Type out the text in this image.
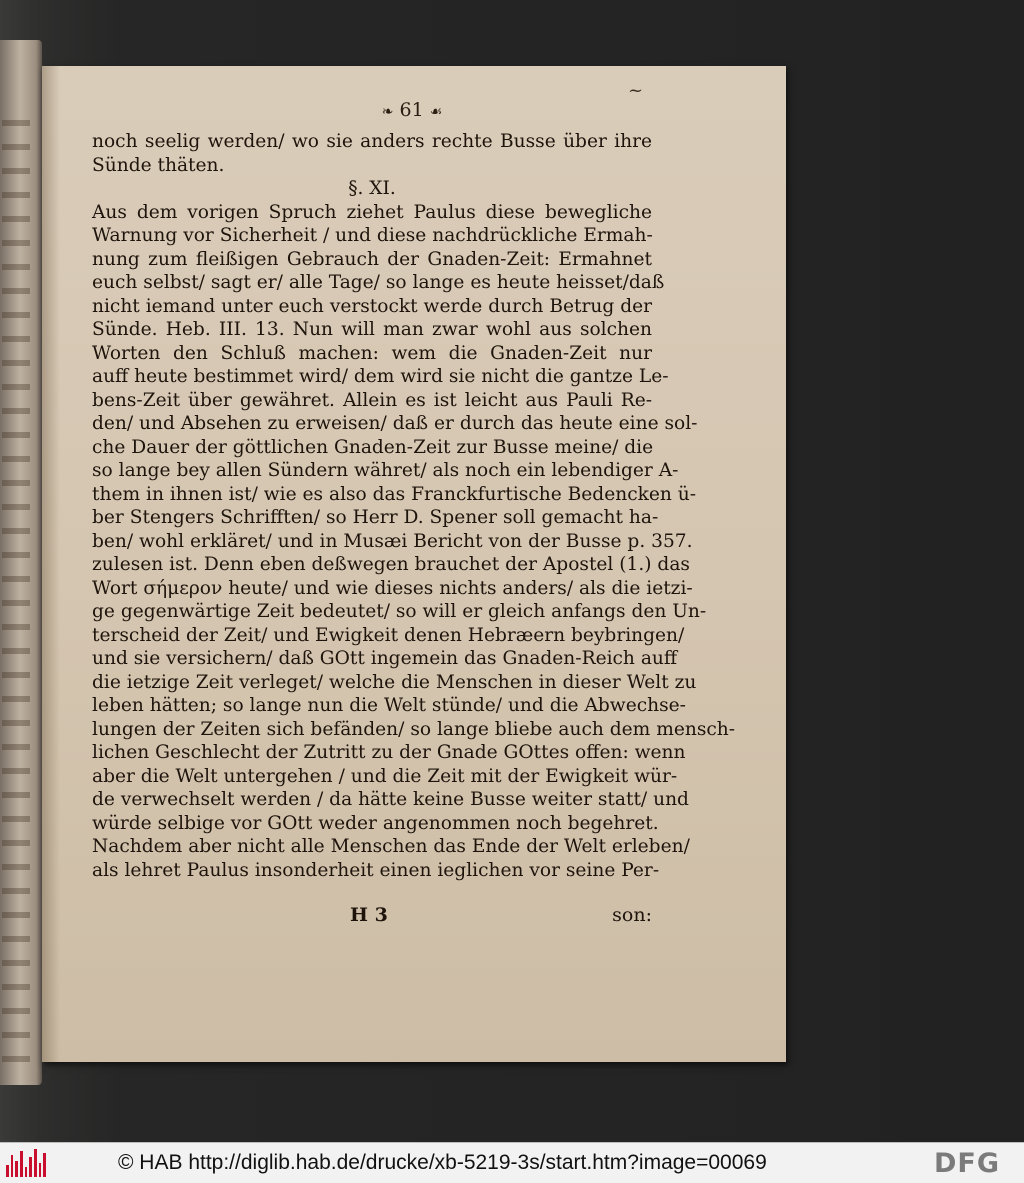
~
❧ 61 ☙
noch seelig werden/ wo sie anders rechte Busse über ihre
Sünde thäten.
§. XI.
Aus dem vorigen Spruch ziehet Paulus diese bewegliche
Warnung vor Sicherheit / und diese nachdrückliche Ermah-
nung zum fleißigen Gebrauch der Gnaden-Zeit: Ermahnet
euch selbst/ sagt er/ alle Tage/ so lange es heute heisset/daß
nicht iemand unter euch verstockt werde durch Betrug der
Sünde. Heb. III. 13. Nun will man zwar wohl aus solchen
Worten den Schluß machen: wem die Gnaden-Zeit nur
auff heute bestimmet wird/ dem wird sie nicht die gantze Le-
bens-Zeit über gewähret. Allein es ist leicht aus Pauli Re-
den/ und Absehen zu erweisen/ daß er durch das heute eine sol-
che Dauer der göttlichen Gnaden-Zeit zur Busse meine/ die
so lange bey allen Sündern währet/ als noch ein lebendiger A-
them in ihnen ist/ wie es also das Franckfurtische Bedencken ü-
ber Stengers Schrifften/ so Herr D. Spener soll gemacht ha-
ben/ wohl erkläret/ und in Musæi Bericht von der Busse p. 357.
zulesen ist. Denn eben deßwegen brauchet der Apostel (1.) das
Wort σήμερον heute/ und wie dieses nichts anders/ als die ietzi-
ge gegenwärtige Zeit bedeutet/ so will er gleich anfangs den Un-
terscheid der Zeit/ und Ewigkeit denen Hebræern beybringen/
und sie versichern/ daß GOtt ingemein das Gnaden-Reich auff
die ietzige Zeit verleget/ welche die Menschen in dieser Welt zu
leben hätten; so lange nun die Welt stünde/ und die Abwechse-
lungen der Zeiten sich befänden/ so lange bliebe auch dem mensch-
lichen Geschlecht der Zutritt zu der Gnade GOttes offen: wenn
aber die Welt untergehen / und die Zeit mit der Ewigkeit wür-
de verwechselt werden / da hätte keine Busse weiter statt/ und
würde selbige vor GOtt weder angenommen noch begehret.
Nachdem aber nicht alle Menschen das Ende der Welt erleben/
als lehret Paulus insonderheit einen ieglichen vor seine Per-
H 3	son:
© HAB http://diglib.hab.de/drucke/xb-5219-3s/start.htm?image=00069	DFG
